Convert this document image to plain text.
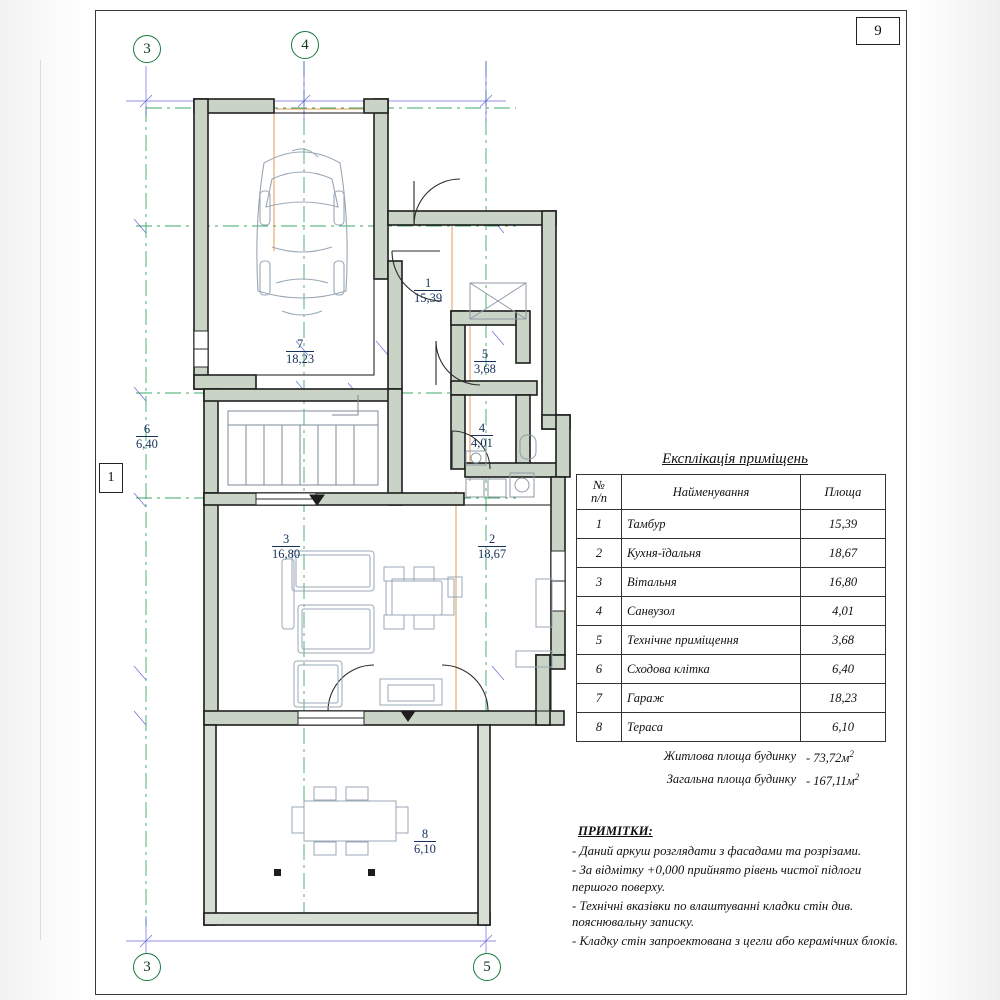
9
3	4
3	5
1
1
15,39
2
18,67
3
16,80
4
4,01
5
3,68
6
6,40
7
18,23
8
6,10
Експлікація приміщень
№
п/п	Найменування	Площа
1	Тамбур	15,39
2	Кухня-їдальня	18,67
3	Вітальня	16,80
4	Санвузол	4,01
5	Технічне приміщення	3,68
6	Сходова клітка	6,40
7	Гараж	18,23
8	Тераса	6,10
Житлова площа будинку - $73,72м^2$
Загальна площа будинку - $167,11м^2$
ПРИМІТКИ:

- Даний аркуш розглядати з фасадами та розрізами.

- За відмітку +0,000 прийнято рівень чистої підлоги першого поверху.

- Технічні вказівки по влаштуванні кладки стін див. пояснювальну записку.

- Кладку стін запроектована з цегли або керамічних блоків.
